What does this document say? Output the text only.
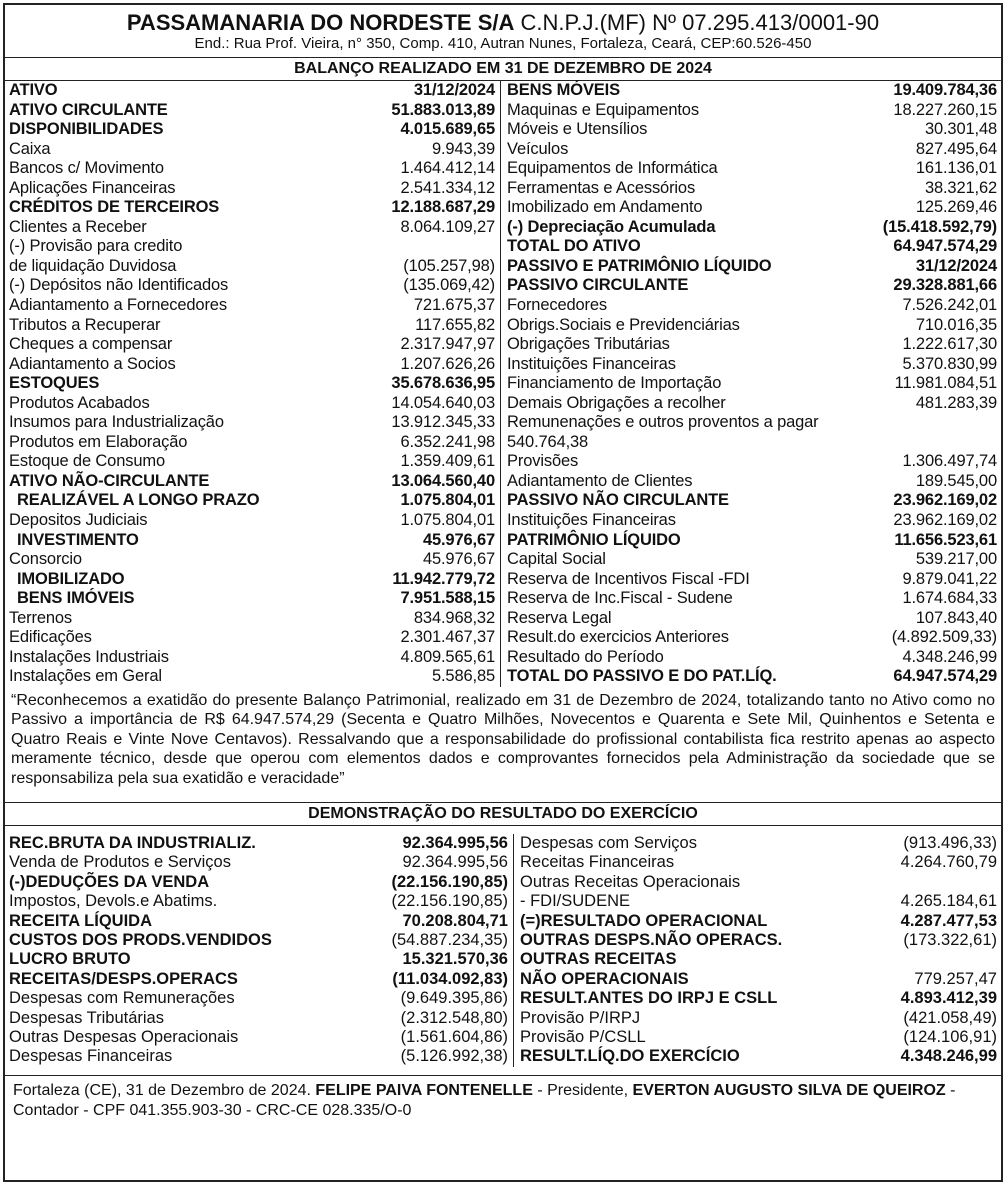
PASSAMANARIA DO NORDESTE S/A C.N.P.J.(MF) Nº 07.295.413/0001-90
End.: Rua Prof. Vieira, n° 350, Comp. 410, Autran Nunes, Fortaleza, Ceará, CEP:60.526-450
BALANÇO REALIZADO EM 31 DE DEZEMBRO DE 2024
ATIVO	31/12/2024
ATIVO CIRCULANTE	51.883.013,89
DISPONIBILIDADES	4.015.689,65
Caixa	9.943,39
Bancos c/ Movimento	1.464.412,14
Aplicações Financeiras	2.541.334,12
CRÉDITOS DE TERCEIROS	12.188.687,29
Clientes a Receber	8.064.109,27
(-) Provisão para credito
de liquidação Duvidosa	(105.257,98)
(-) Depósitos não Identificados	(135.069,42)
Adiantamento a Fornecedores	721.675,37
Tributos a Recuperar	117.655,82
Cheques a compensar	2.317.947,97
Adiantamento a Socios	1.207.626,26
ESTOQUES	35.678.636,95
Produtos Acabados	14.054.640,03
Insumos para Industrialização	13.912.345,33
Produtos em Elaboração	6.352.241,98
Estoque de Consumo	1.359.409,61
ATIVO NÃO-CIRCULANTE	13.064.560,40
REALIZÁVEL A LONGO PRAZO	1.075.804,01
Depositos Judiciais	1.075.804,01
INVESTIMENTO	45.976,67
Consorcio	45.976,67
IMOBILIZADO	11.942.779,72
BENS IMÓVEIS	7.951.588,15
Terrenos	834.968,32
Edificações	2.301.467,37
Instalações Industriais	4.809.565,61
Instalações em Geral	5.586,85
BENS MÓVEIS	19.409.784,36
Maquinas e Equipamentos	18.227.260,15
Móveis e Utensílios	30.301,48
Veículos	827.495,64
Equipamentos de Informática	161.136,01
Ferramentas e Acessórios	38.321,62
Imobilizado em Andamento	125.269,46
(-) Depreciação Acumulada	(15.418.592,79)
TOTAL DO ATIVO	64.947.574,29
PASSIVO E PATRIMÔNIO LÍQUIDO	31/12/2024
PASSIVO CIRCULANTE	29.328.881,66
Fornecedores	7.526.242,01
Obrigs.Sociais e Previdenciárias	710.016,35
Obrigações Tributárias	1.222.617,30
Instituições Financeiras	5.370.830,99
Financiamento de Importação	11.981.084,51
Demais Obrigações a recolher	481.283,39
Remunenações e outros proventos a pagar
540.764,38
Provisões	1.306.497,74
Adiantamento de Clientes	189.545,00
PASSIVO NÃO CIRCULANTE	23.962.169,02
Instituições Financeiras	23.962.169,02
PATRIMÔNIO LÍQUIDO	11.656.523,61
Capital Social	539.217,00
Reserva de Incentivos Fiscal -FDI	9.879.041,22
Reserva de Inc.Fiscal - Sudene	1.674.684,33
Reserva Legal	107.843,40
Result.do exercicios Anteriores	(4.892.509,33)
Resultado do Período	4.348.246,99
TOTAL DO PASSIVO E DO PAT.LÍQ.	64.947.574,29
“Reconhecemos a exatidão do presente Balanço Patrimonial, realizado em 31 de Dezembro de 2024, totalizando tanto no Ativo como no Passivo a importância de R$ 64.947.574,29 (Secenta e Quatro Milhões, Novecentos e Quarenta e Sete Mil, Quinhentos e Setenta e Quatro Reais e Vinte Nove Centavos). Ressalvando que a responsabilidade do profissional contabilista fica restrito apenas ao aspecto meramente técnico, desde que operou com elementos dados e comprovantes fornecidos pela Administração da sociedade que se responsabiliza pela sua exatidão e veracidade”
DEMONSTRAÇÃO DO RESULTADO DO EXERCÍCIO
REC.BRUTA DA INDUSTRIALIZ.	92.364.995,56
Venda de Produtos e Serviços	92.364.995,56
(-)DEDUÇÕES DA VENDA	(22.156.190,85)
Impostos, Devols.e Abatims.	(22.156.190,85)
RECEITA LÍQUIDA	70.208.804,71
CUSTOS DOS PRODS.VENDIDOS	(54.887.234,35)
LUCRO BRUTO	15.321.570,36
RECEITAS/DESPS.OPERACS	(11.034.092,83)
Despesas com Remunerações	(9.649.395,86)
Despesas Tributárias	(2.312.548,80)
Outras Despesas Operacionais	(1.561.604,86)
Despesas Financeiras	(5.126.992,38)
Despesas com Serviços	(913.496,33)
Receitas Financeiras	4.264.760,79
Outras Receitas Operacionais
- FDI/SUDENE	4.265.184,61
(=)RESULTADO OPERACIONAL	4.287.477,53
OUTRAS DESPS.NÃO OPERACS.	(173.322,61)
OUTRAS RECEITAS
NÃO OPERACIONAIS	779.257,47
RESULT.ANTES DO IRPJ E CSLL	4.893.412,39
Provisão P/IRPJ	(421.058,49)
Provisão P/CSLL	(124.106,91)
RESULT.LÍQ.DO EXERCÍCIO	4.348.246,99
Fortaleza (CE), 31 de Dezembro de 2024. FELIPE PAIVA FONTENELLE - Presidente, EVERTON AUGUSTO SILVA DE QUEIROZ - Contador - CPF 041.355.903-30 - CRC-CE 028.335/O-0
